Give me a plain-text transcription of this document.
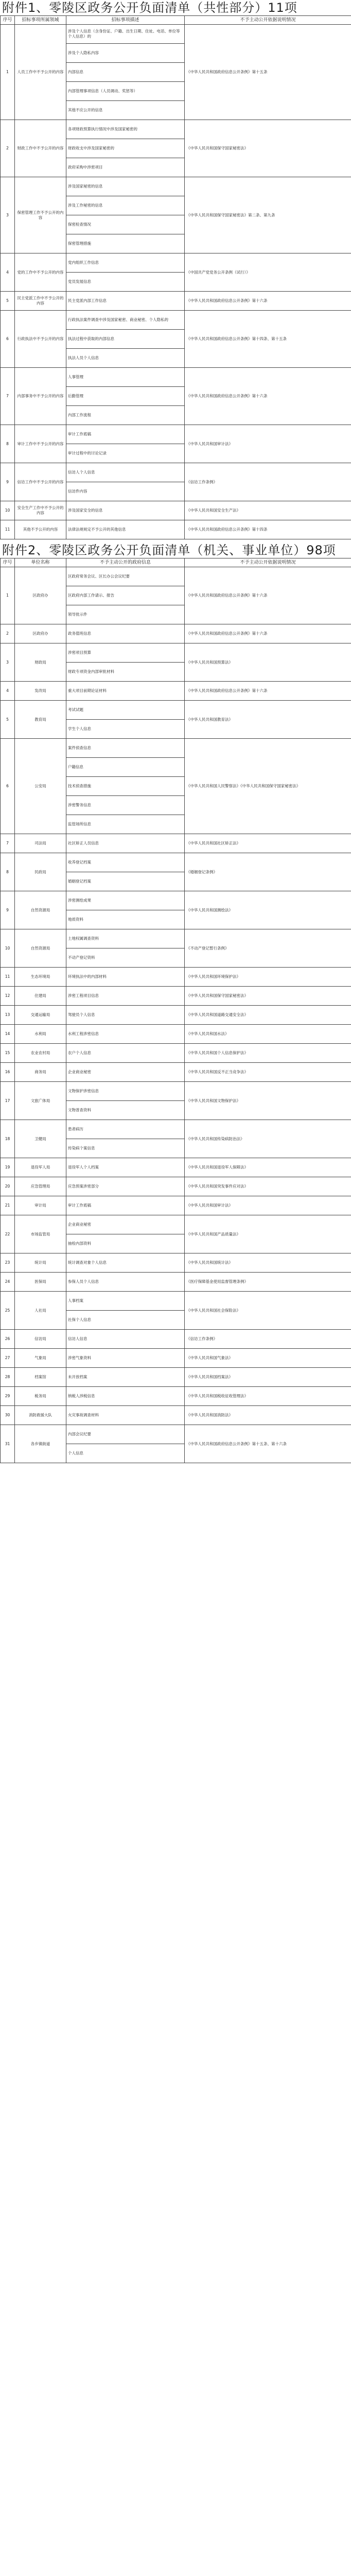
附件1、零陵区政务公开负面清单（共性部分）11项
序号	招标事项所属领域	招标事项描述	不予主动公开依据说明情况
1	人员工作中不予公开的内容	涉及个人信息（含身份证、户籍、出生日期、住址、电话、单位等个人信息）的	《中华人民共和国政府信息公开条例》第十五条
		涉及个人隐私内容	
		内部信息	
		内部管理事项信息（人员调动、奖惩等）	
		其他不应公开的信息	
2	财政工作中不予公开的内容	各项财政预算执行情况中涉及国家秘密的	《中华人民共和国保守国家秘密法》
		财政收支中涉及国家秘密的	
		政府采购中涉密项目	
3	保密管理工作不予公开的内容	涉及国家秘密的信息	《中华人民共和国保守国家秘密法》第二条、第九条
		涉及工作秘密的信息	
		保密检查情况	
		保密管理措施	
4	党的工作中不予公开的内容	党内组织工作信息	《中国共产党党务公开条例（试行）》
		党员发展信息	
5	民主党派工作中不予公开的内容	民主党派内部工作信息	《中华人民共和国政府信息公开条例》第十六条
6	行政执法中不予公开的内容	行政执法案件调查中涉及国家秘密、商业秘密、个人隐私的	《中华人民共和国政府信息公开条例》第十四条、第十五条
		执法过程中获取的内部信息	
		执法人员个人信息	
7	内部事务中不予公开的内容	人事管理	《中华人民共和国政府信息公开条例》第十六条
		后勤管理	
		内部工作流程	
8	审计工作中不予公开的内容	审计工作底稿	《中华人民共和国审计法》
		审计过程中的讨论记录	
9	信访工作中不予公开的内容	信访人个人信息	《信访工作条例》
		信访件内容	
10	安全生产工作中不予公开的内容	涉及国家安全的信息	《中华人民共和国安全生产法》
11	其他不予公开的内容	法律法规规定不予公开的其他信息	《中华人民共和国政府信息公开条例》第十四条
附件2、零陵区政务公开负面清单（机关、事业单位）98项
序号	单位名称	不予主动公开的政府信息	不予主动公开依据说明情况
1	区政府办	区政府常务会议、区长办公会议纪要	《中华人民共和国政府信息公开条例》第十六条
		区政府内部工作请示、报告	
		领导批示件	
2	区政府办	政务值班信息	《中华人民共和国政府信息公开条例》第十六条
3	财政局	涉密项目预算	《中华人民共和国预算法》
		财政专项资金内部审批材料	
4	发改局	重大项目前期论证材料	《中华人民共和国政府信息公开条例》第十六条
5	教育局	考试试题	《中华人民共和国教育法》
		学生个人信息	
6	公安局	案件侦查信息	《中华人民共和国人民警察法》《中华人民共和国保守国家秘密法》
		户籍信息	
		技术侦查措施	
		涉密警务信息	
		监管场所信息	
7	司法局	社区矫正人员信息	《中华人民共和国社区矫正法》
8	民政局	收养登记档案	《婚姻登记条例》
		婚姻登记档案	
9	自然资源局	涉密测绘成果	《中华人民共和国测绘法》
		地质资料	
10	自然资源局	土地权属调查资料	《不动产登记暂行条例》
		不动产登记资料	
11	生态环境局	环境执法中的内部材料	《中华人民共和国环境保护法》
12	住建局	涉密工程项目信息	《中华人民共和国保守国家秘密法》
13	交通运输局	驾驶员个人信息	《中华人民共和国道路交通安全法》
14	水利局	水利工程涉密信息	《中华人民共和国水法》
15	农业农村局	农户个人信息	《中华人民共和国个人信息保护法》
16	商务局	企业商业秘密	《中华人民共和国反不正当竞争法》
17	文旅广体局	文物保护涉密信息	《中华人民共和国文物保护法》
		文物普查资料	
18	卫健局	患者病历	《中华人民共和国传染病防治法》
		传染病个案信息	
19	退役军人局	退役军人个人档案	《中华人民共和国退役军人保障法》
20	应急管理局	应急预案涉密部分	《中华人民共和国突发事件应对法》
21	审计局	审计工作底稿	《中华人民共和国审计法》
22	市场监管局	企业商业秘密	《中华人民共和国产品质量法》
		抽检内部资料	
23	统计局	统计调查对象个人信息	《中华人民共和国统计法》
24	医保局	参保人员个人信息	《医疗保障基金使用监督管理条例》
25	人社局	人事档案	《中华人民共和国社会保险法》
		社保个人信息	
26	信访局	信访人信息	《信访工作条例》
27	气象局	涉密气象资料	《中华人民共和国气象法》
28	档案馆	未开放档案	《中华人民共和国档案法》
29	税务局	纳税人涉税信息	《中华人民共和国税收征收管理法》
30	消防救援大队	火灾事故调查材料	《中华人民共和国消防法》
31	各乡镇街道	内部会议纪要	《中华人民共和国政府信息公开条例》第十五条、第十六条
		个人信息	
